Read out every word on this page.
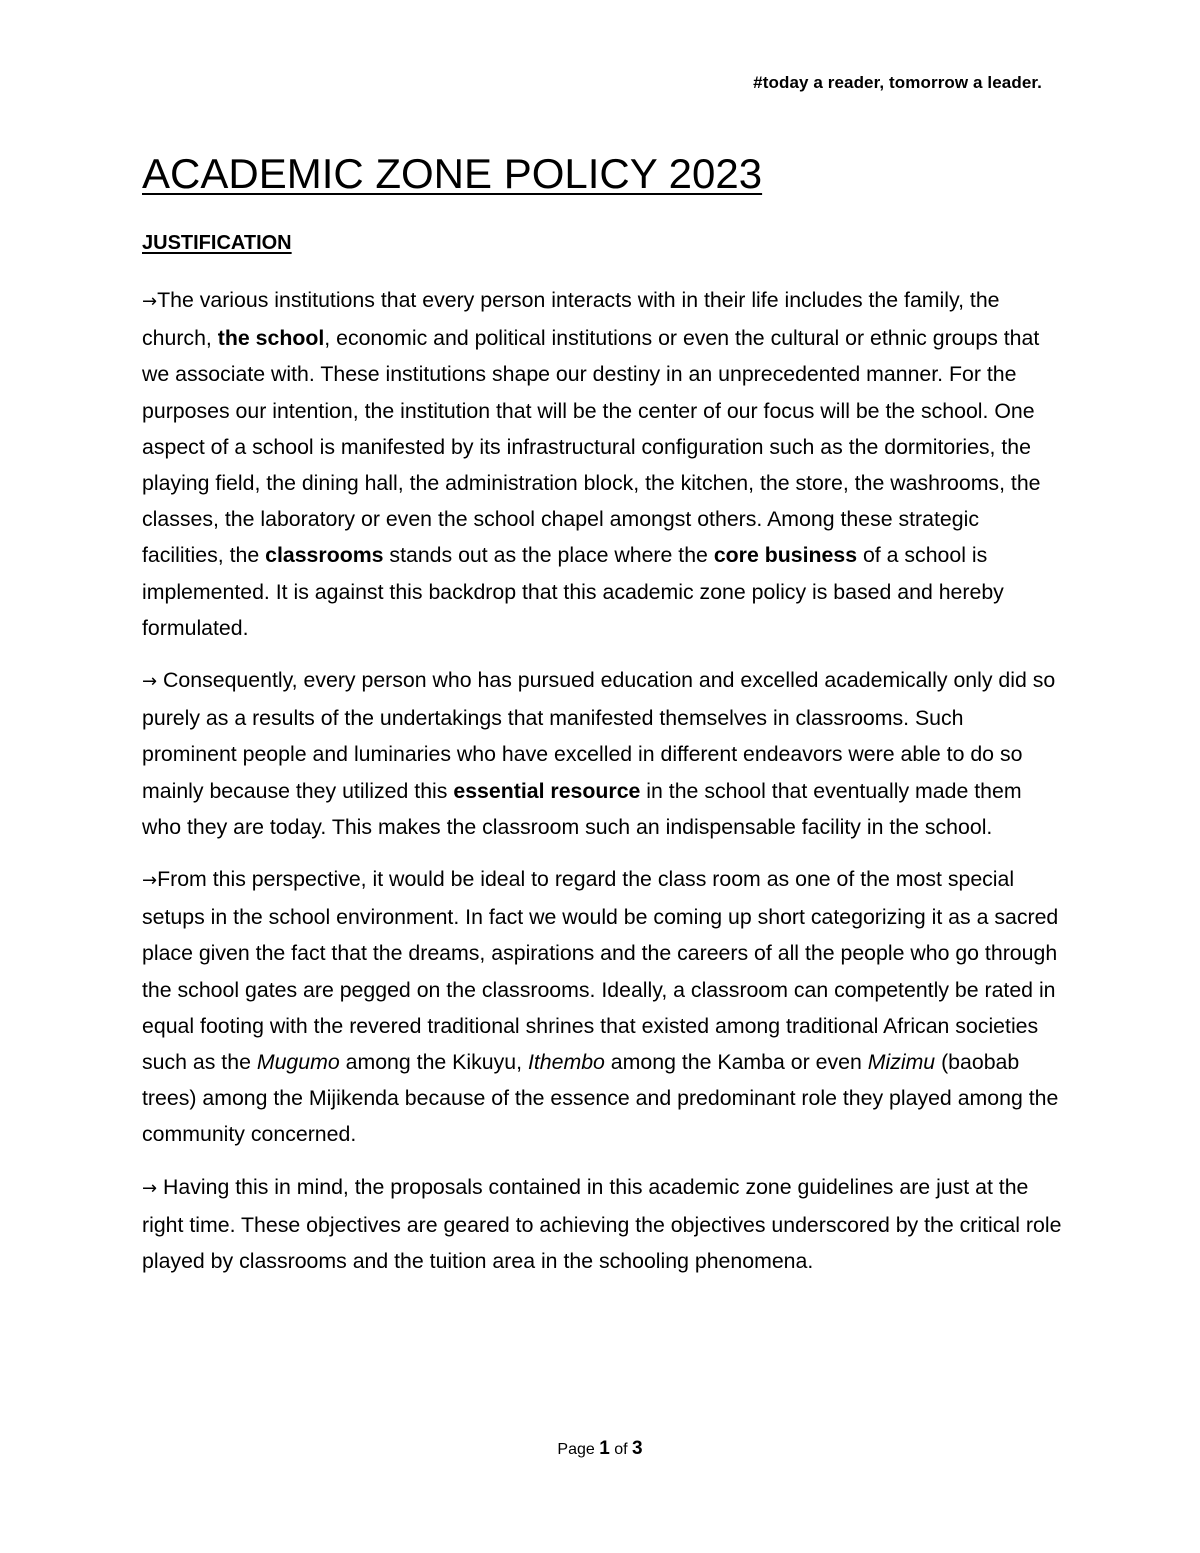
#today a reader, tomorrow a leader.
ACADEMIC ZONE POLICY 2023
JUSTIFICATION

→The various institutions that every person interacts with in their life includes the family, the church, the school, economic and political institutions or even the cultural or ethnic groups that we associate with. These institutions shape our destiny in an unprecedented manner. For the purposes our intention, the institution that will be the center of our focus will be the school. One aspect of a school is manifested by its infrastructural configuration such as the dormitories, the playing field, the dining hall, the administration block, the kitchen, the store, the washrooms, the classes, the laboratory or even the school chapel amongst others. Among these strategic facilities, the classrooms stands out as the place where the core business of a school is implemented. It is against this backdrop that this academic zone policy is based and hereby formulated.

→ Consequently, every person who has pursued education and excelled academically only did so purely as a results of the undertakings that manifested themselves in classrooms. Such prominent people and luminaries who have excelled in different endeavors were able to do so mainly because they utilized this essential resource in the school that eventually made them who they are today. This makes the classroom such an indispensable facility in the school.

→From this perspective, it would be ideal to regard the class room as one of the most special setups in the school environment. In fact we would be coming up short categorizing it as a sacred place given the fact that the dreams, aspirations and the careers of all the people who go through the school gates are pegged on the classrooms. Ideally, a classroom can competently be rated in equal footing with the revered traditional shrines that existed among traditional African societies such as the Mugumo among the Kikuyu, Ithembo among the Kamba or even Mizimu (baobab trees) among the Mijikenda because of the essence and predominant role they played among the community concerned.

→ Having this in mind, the proposals contained in this academic zone guidelines are just at the right time. These objectives are geared to achieving the objectives underscored by the critical role played by classrooms and the tuition area in the schooling phenomena.

Page 1 of 3
